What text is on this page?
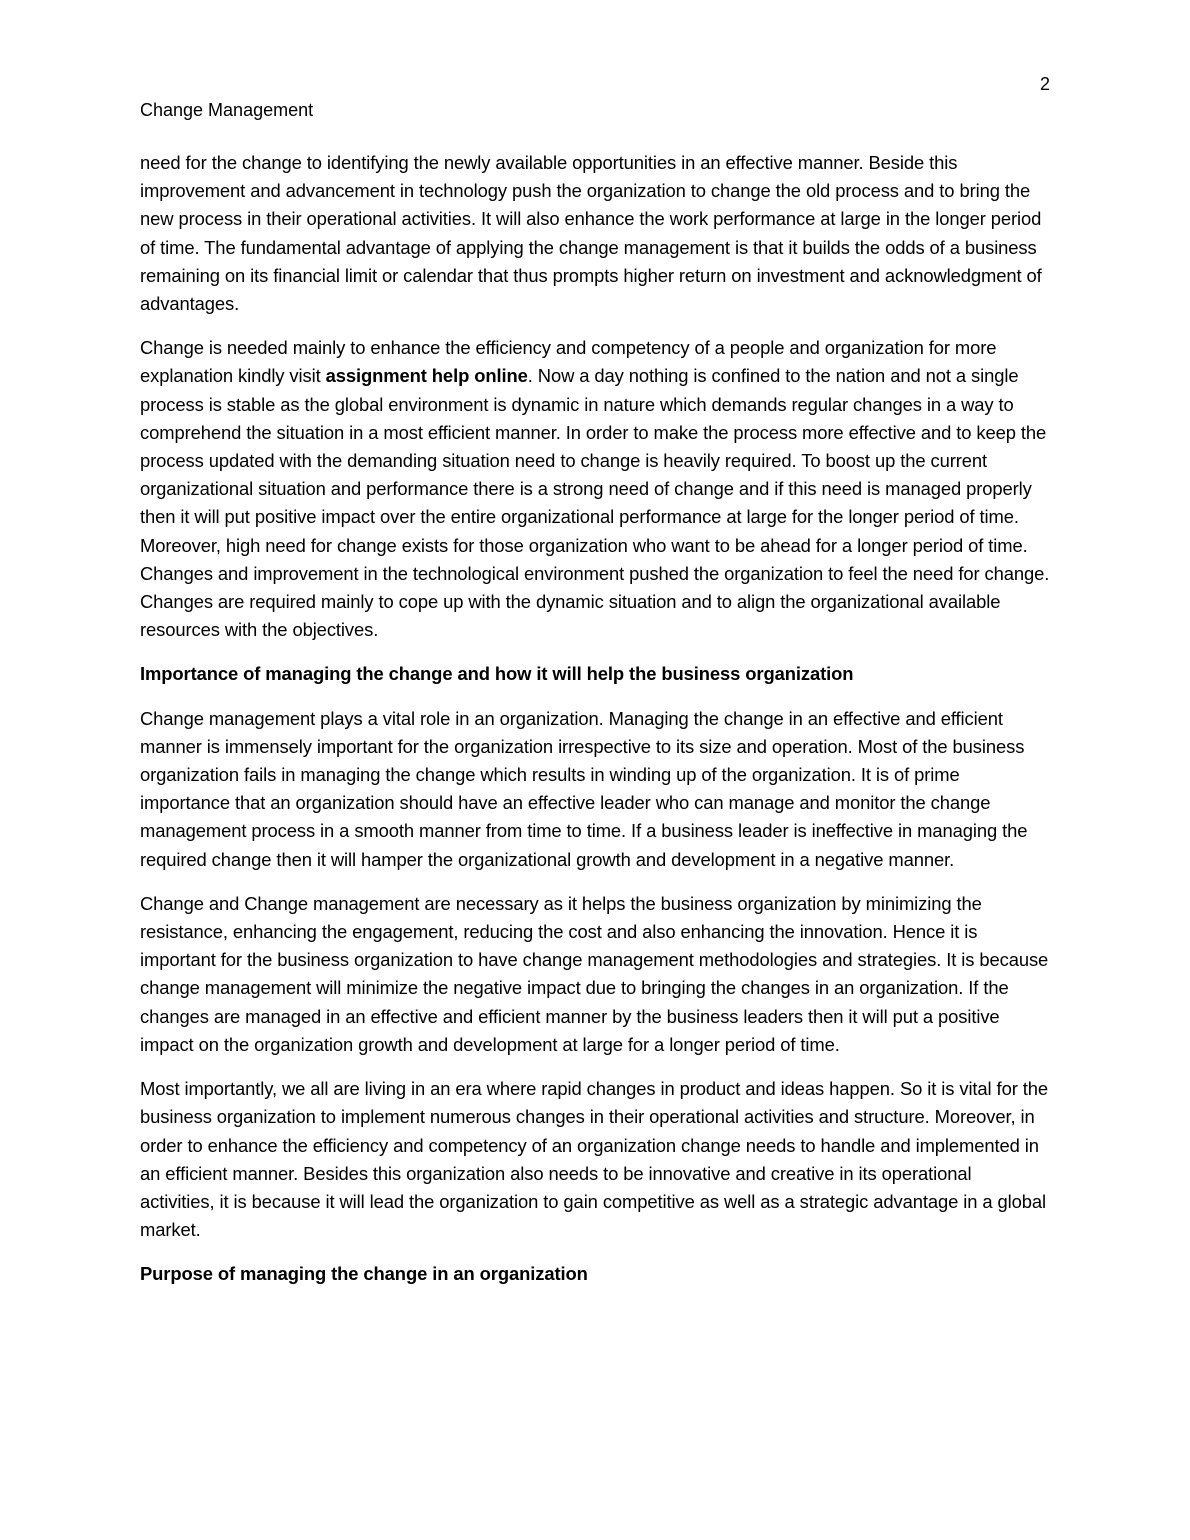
2
Change Management

need for the change to identifying the newly available opportunities in an effective manner. Beside this improvement and advancement in technology push the organization to change the old process and to bring the new process in their operational activities. It will also enhance the work performance at large in the longer period of time. The fundamental advantage of applying the change management is that it builds the odds of a business remaining on its financial limit or calendar that thus prompts higher return on investment and acknowledgment of advantages.

Change is needed mainly to enhance the efficiency and competency of a people and organization for more explanation kindly visit assignment help online. Now a day nothing is confined to the nation and not a single process is stable as the global environment is dynamic in nature which demands regular changes in a way to comprehend the situation in a most efficient manner. In order to make the process more effective and to keep the process updated with the demanding situation need to change is heavily required. To boost up the current organizational situation and performance there is a strong need of change and if this need is managed properly then it will put positive impact over the entire organizational performance at large for the longer period of time. Moreover, high need for change exists for those organization who want to be ahead for a longer period of time. Changes and improvement in the technological environment pushed the organization to feel the need for change. Changes are required mainly to cope up with the dynamic situation and to align the organizational available resources with the objectives.

Importance of managing the change and how it will help the business organization

Change management plays a vital role in an organization. Managing the change in an effective and efficient manner is immensely important for the organization irrespective to its size and operation. Most of the business organization fails in managing the change which results in winding up of the organization. It is of prime importance that an organization should have an effective leader who can manage and monitor the change management process in a smooth manner from time to time. If a business leader is ineffective in managing the required change then it will hamper the organizational growth and development in a negative manner.

Change and Change management are necessary as it helps the business organization by minimizing the resistance, enhancing the engagement, reducing the cost and also enhancing the innovation. Hence it is important for the business organization to have change management methodologies and strategies. It is because change management will minimize the negative impact due to bringing the changes in an organization. If the changes are managed in an effective and efficient manner by the business leaders then it will put a positive impact on the organization growth and development at large for a longer period of time.

Most importantly, we all are living in an era where rapid changes in product and ideas happen. So it is vital for the business organization to implement numerous changes in their operational activities and structure. Moreover, in order to enhance the efficiency and competency of an organization change needs to handle and implemented in an efficient manner. Besides this organization also needs to be innovative and creative in its operational activities, it is because it will lead the organization to gain competitive as well as a strategic advantage in a global market.

Purpose of managing the change in an organization
